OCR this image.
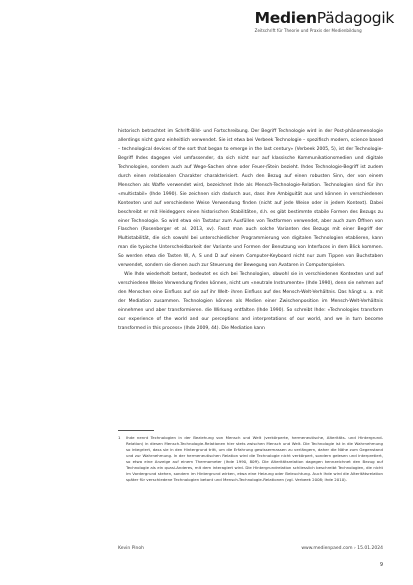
MedienPädagogik
Zeitschrift für Theorie und Praxis der Medienbildung

historisch betrachtet im Schrift-Bild- und Fortschreibung. Der Begriff Technologie wird in der Post-phänomenologie allerdings nicht ganz einheitlich verwendet. Sie ist etwa bei Verbeek Technologie – spezifisch modern, science based – technological devices of the sort that began to emerge in the last century» (Verbeek 2005, 5), ist der Technologie-Begriff Ihdes dagegen viel umfassender, da sich nicht nur auf klassische Kommunikationsmedien und digitale Technologien, sondern auch auf Wege-Sachen ohne oder Feuer-/Stein bezieht. Ihdes Technologie-Begriff ist zudem durch einen relationalen Charakter charakterisiert. Auch den Bezug auf einen robusten Sinn, der von einem Menschen als Waffe verwendet wird, bezeichnet Ihde als Mensch-Technologie-Relation. Technologien sind für ihn «multistabil» (Ihde 1990). Sie zeichnen sich dadurch aus, dass ihre Ambiguität aus und können in verschiedenen Kontexten und auf verschiedene Weise Verwendung finden (nicht auf jede Weise oder in jedem Kontext). Dabei beschreibt er mit Heideggers einen historischen Stabilitäten, d.h. es gibt bestimmte stabile Formen des Bezugs zu einer Technologie. So wird etwa ein Tastatur zum Ausfüllen von Textformen verwendet, aber auch zum Öffnen von Flaschen (Rosenberger et al. 2013, xv). Fasst man auch solche Varianten des Bezugs mit einer Begriff der Multistabilität, die sich sowohl bei unterschiedlicher Programmierung von digitalen Technologien etablieren, kann man die typische Unterscheidbarkeit der Variante und Formen der Benutzung von Interfaces in dem Blick kommen. So werden etwa die Tasten W, A, S und D auf einem Computer-Keyboard nicht nur zum Tippen von Buchstaben verwendet, sondern sie dienen auch zur Steuerung der Bewegung von Avataren in Computerspielen.
Wie Ihde wiederholt betont, bedeutet es sich bei Technologien, obwohl sie in verschiedenen Kontexten und auf verschiedene Weise Verwendung finden können, nicht um «neutrale Instrumente» (Ihde 1990), denn sie nehmen auf den Menschen eine Einfluss auf sie auf ihr Welt- ihren Einfluss auf des Mensch-Welt-Verhältnis. Das hängt u. a. mit der Mediation zusammen. Technologien können als Medien einer Zwischenposition im Mensch-Welt-Verhältnis einnehmen und aber transformieren. die Wirkung entfalten (Ihde 1990). So schreibt Ihde: «Technologies transform our experience of the world and our perceptions and interpretations of our world, and we in turn become transformed in this process» (Ihde 2009, 44). Die Mediation kann

1 Ihde nennt Technologien in der Beziehung von Mensch und Welt (verkörperte, hermeneutische, Alteritäts- und Hintergrund-Relation) in diesen Mensch-Technologie-Relationen hier stets zwischen Mensch und Welt. Die Technologie ist in die Wahrnehmung so integriert, dass sie in den Hintergrund tritt, um die Erfahrung gewissermassen zu verlängern, daher die Nähe zum Gegenstand und zur Wahrnehmung. In der hermeneutischen Relation wird die Technologie nicht verkörpert, sondern gelesen und interpretiert, so etwa eine Anzeige auf einem Thermometer (Ihde 1990, 80ff). Die Alteritätsrelation dagegen kennzeichnet den Bezug auf Technologie als ein quasi-Anderes, mit dem interagiert wird. Die Hintergrundrelation schliesslich beschreibt Technologien, die nicht im Vordergrund stehen, sondern im Hintergrund wirken, etwa eine Heizung oder Beleuchtung. Auch Ihde wird die Alteritätsrelation später für verschiedene Technologien betont und Mensch-Technologie-Relationen (vgl. Verbeek 2008; Ihde 2010).
Kevin Pinoh	www.medienpaed.com › 15.01.2024
9
